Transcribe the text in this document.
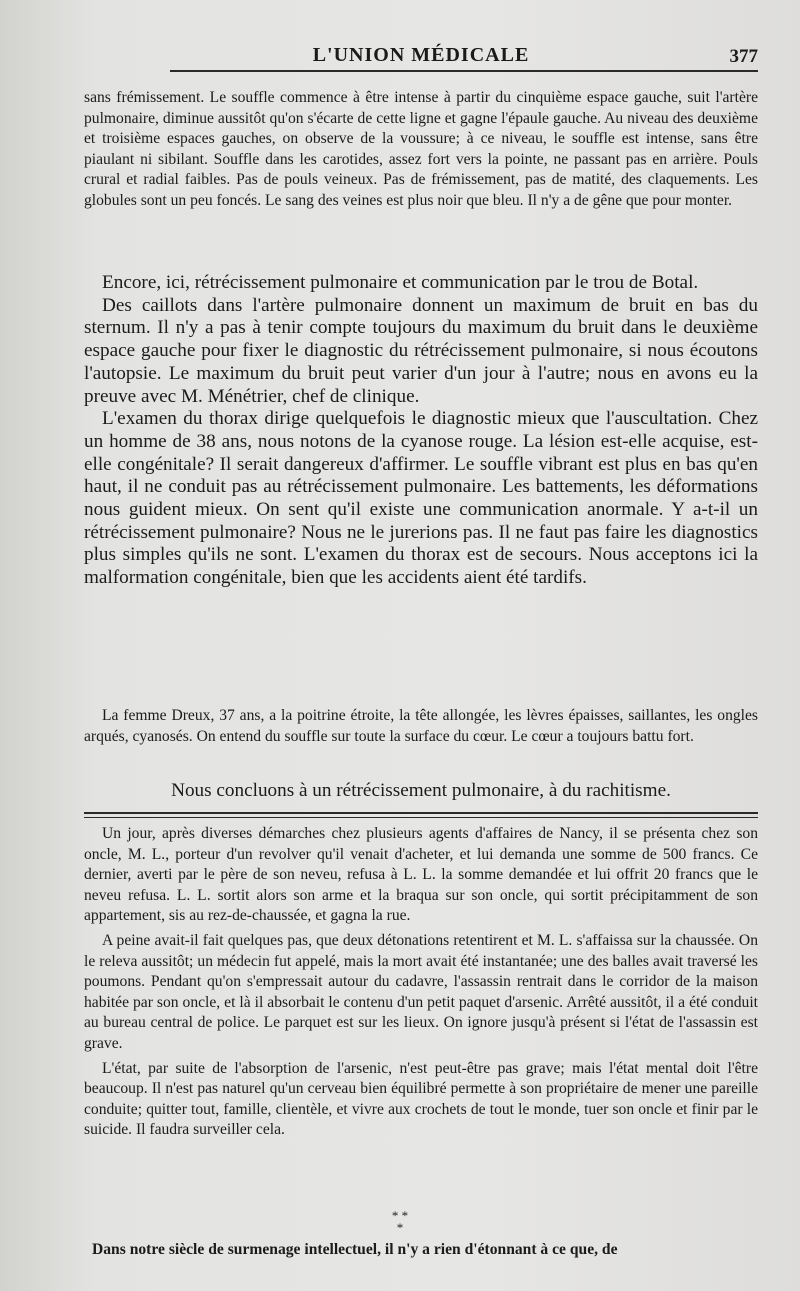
L'UNION MÉDICALE	377

sans frémissement. Le souffle commence à être intense à partir du cinquième espace gauche, suit l'artère pulmonaire, diminue aussitôt qu'on s'écarte de cette ligne et gagne l'épaule gauche. Au niveau des deuxième et troisième espaces gauches, on observe de la voussure; à ce niveau, le souffle est intense, sans être piaulant ni sibilant. Souffle dans les carotides, assez fort vers la pointe, ne passant pas en arrière. Pouls crural et radial faibles. Pas de pouls veineux. Pas de frémissement, pas de matité, des claquements. Les globules sont un peu foncés. Le sang des veines est plus noir que bleu. Il n'y a de gêne que pour monter.

Encore, ici, rétrécissement pulmonaire et communication par le trou de Botal.

Des caillots dans l'artère pulmonaire donnent un maximum de bruit en bas du sternum. Il n'y a pas à tenir compte toujours du maximum du bruit dans le deuxième espace gauche pour fixer le diagnostic du rétrécissement pulmonaire, si nous écoutons l'autopsie. Le maximum du bruit peut varier d'un jour à l'autre; nous en avons eu la preuve avec M. Ménétrier, chef de clinique.

L'examen du thorax dirige quelquefois le diagnostic mieux que l'auscultation. Chez un homme de 38 ans, nous notons de la cyanose rouge. La lésion est-elle acquise, est-elle congénitale? Il serait dangereux d'affirmer. Le souffle vibrant est plus en bas qu'en haut, il ne conduit pas au rétrécissement pulmonaire. Les battements, les déformations nous guident mieux. On sent qu'il existe une communication anormale. Y a-t-il un rétrécissement pulmonaire? Nous ne le jurerions pas. Il ne faut pas faire les diagnostics plus simples qu'ils ne sont. L'examen du thorax est de secours. Nous acceptons ici la malformation congénitale, bien que les accidents aient été tardifs.

La femme Dreux, 37 ans, a la poitrine étroite, la tête allongée, les lèvres épaisses, saillantes, les ongles arqués, cyanosés. On entend du souffle sur toute la surface du cœur. Le cœur a toujours battu fort.

Nous concluons à un rétrécissement pulmonaire, à du rachitisme.

Un jour, après diverses démarches chez plusieurs agents d'affaires de Nancy, il se présenta chez son oncle, M. L., porteur d'un revolver qu'il venait d'acheter, et lui demanda une somme de 500 francs. Ce dernier, averti par le père de son neveu, refusa à L. L. la somme demandée et lui offrit 20 francs que le neveu refusa. L. L. sortit alors son arme et la braqua sur son oncle, qui sortit précipitamment de son appartement, sis au rez-de-chaussée, et gagna la rue.

A peine avait-il fait quelques pas, que deux détonations retentirent et M. L. s'affaissa sur la chaussée. On le releva aussitôt; un médecin fut appelé, mais la mort avait été instantanée; une des balles avait traversé les poumons. Pendant qu'on s'empressait autour du cadavre, l'assassin rentrait dans le corridor de la maison habitée par son oncle, et là il absorbait le contenu d'un petit paquet d'arsenic. Arrêté aussitôt, il a été conduit au bureau central de police. Le parquet est sur les lieux. On ignore jusqu'à présent si l'état de l'assassin est grave.

L'état, par suite de l'absorption de l'arsenic, n'est peut-être pas grave; mais l'état mental doit l'être beaucoup. Il n'est pas naturel qu'un cerveau bien équilibré permette à son propriétaire de mener une pareille conduite; quitter tout, famille, clientèle, et vivre aux crochets de tout le monde, tuer son oncle et finir par le suicide. Il faudra surveiller cela.

* *
*
Dans notre siècle de surmenage intellectuel, il n'y a rien d'étonnant à ce que, de
